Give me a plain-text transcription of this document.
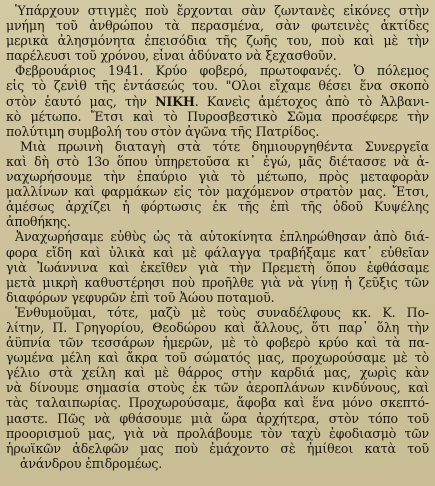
Ὑπάρχουν στιγμὲς ποὺ ἔρχονται σὰν ζωντανὲς εἰκόνες στὴν
μνήμη τοῦ ἀνθρώπου τὰ περασμένα, σὰν φωτεινὲς ἀκτίδες
μερικὰ ἀλησμόνητα ἐπεισόδια τῆς ζωῆς του, ποὺ καὶ μὲ τὴν
παρέλευσι τοῦ χρόνου, εἶναι ἀδύνατο νὰ ξεχασθοῦν.
Φεβρουάριος 1941. Κρύο φοβερό, πρωτοφανές. Ὁ πόλεμος
εἰς τὸ ζενὶθ τῆς ἐντάσεώς του. "Ολοι εἴχαμε θέσει ἕνα σκοπὸ
στὸν ἑαυτό μας, τὴν ΝΙΚΗ. Κανεὶς ἀμέτοχος ἀπὸ τὸ Ἀλβανι-
κὸ μέτωπο. Ἔτσι καὶ τὸ Πυροσβεστικὸ Σῶμα προσέφερε τὴν
πολύτιμη συμβολή του στὸν ἀγῶνα τῆς Πατρίδος.
Μιὰ πρωινὴ διαταγὴ στὰ τότε δημιουργηθέντα Συνεργεῖα
καὶ δὴ στὸ 13ο ὅπου ὑπηρετοῦσα κι᾽ ἐγώ, μᾶς διέτασσε νὰ ἀ-
ναχωρήσουμε τὴν ἐπαύριο γιὰ τὸ μέτωπο, πρὸς μεταφορὰν
μαλλίνων καὶ φαρμάκων εἰς τὸν μαχόμενον στρατὸν μας. Ἔτσι,
ἀμέσως ἀρχίζει ἡ φόρτωσις ἐκ τῆς ἐπὶ τῆς ὁδοῦ Κυψέλης
ἀποθήκης.
Ἀναχωρήσαμε εὐθὺς ὡς τὰ αὐτοκίνητα ἐπληρώθησαν ἀπὸ διά-
φορα εἴδη καὶ ὑλικὰ καὶ μὲ φάλαγγα τραβήξαμε κατ᾽ εὐθεῖαν
γιὰ Ἰωάννινα καὶ ἐκεῖθεν γιὰ τὴν Πρεμετὴ ὅπου ἐφθάσαμε
μετὰ μικρὴ καθυστέρησι ποὺ προῆλθε γιὰ νὰ γίνῃ ἡ ζεῦξις τῶν
διαφόρων γεφυρῶν ἐπὶ τοῦ Ἀώου ποταμοῦ.
Ἐνθυμοῦμαι, τότε, μαζὺ μὲ τοὺς συναδέλφους κκ. Κ. Πο-
λίτην, Π. Γρηγορίου, Θεοδώρου καὶ ἄλλους, ὅτι παρ᾽ ὅλη τὴν
ἀϋπνία τῶν τεσσάρων ἡμερῶν, μὲ τὸ φοβερὸ κρύο καὶ τὰ πα-
γωμένα μέλη καὶ ἄκρα τοῦ σώματός μας, προχωρούσαμε μὲ τὸ
γέλιο στὰ χείλη καὶ μὲ θάρρος στὴν καρδιά μας, χωρὶς κὰν
νὰ δίνουμε σημασία στοὺς ἐκ τῶν ἀεροπλάνων κινδύνους, καὶ
τὰς ταλαιπωρίας. Προχωρούσαμε, ἄφοβα καὶ ἕνα μόνο σκεπτό-
μαστε. Πῶς νὰ φθάσουμε μιὰ ὥρα ἀρχήτερα, στὸν τόπο τοῦ
προορισμοῦ μας, γιὰ νὰ προλάβουμε τὸν ταχὺ ἐφοδιασμὸ τῶν
ἡρωϊκῶν ἀδελφῶν μας ποὺ ἐμάχοντο σὲ ἡμίθεοι κατὰ τοῦ
ἀνάνδρου ἐπιδρομέως.
